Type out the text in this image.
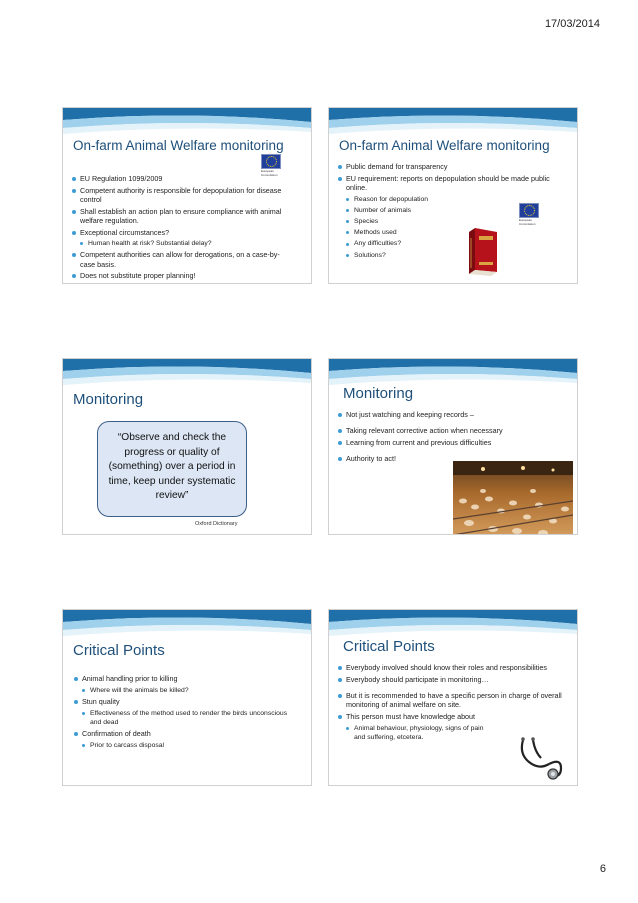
17/03/2014
On-farm Animal Welfare monitoring
European
Commission
EU Regulation 1099/2009
Competent authority is responsible for depopulation for disease control
Shall establish an action plan to ensure compliance with animal welfare regulation.
Exceptional circumstances?
Human health at risk? Substantial delay?
Competent authorities can allow for derogations, on a case-by-case basis.
Does not substitute proper planning!
On-farm Animal Welfare monitoring
Public demand for transparency
EU requirement: reports on depopulation should be made public online.
Reason for depopulation
Number of animals
Species
Methods used
Any difficulties?
Solutions?
European
Commission
Monitoring
“Observe and check the progress or quality of (something) over a period in time, keep under systematic review”
Oxford Dictionary
Monitoring
Not just watching and keeping records –
Taking relevant corrective action when necessary
Learning from current and previous difficulties
Authority to act!
Critical Points
Animal handling prior to killing
Where will the animals be killed?
Stun quality
Effectiveness of the method used to render the birds unconscious and dead
Confirmation of death
Prior to carcass disposal
Critical Points
Everybody involved should know their roles and responsibilities
Everybody should participate in monitoring…
But it is recommended to have a specific person in charge of overall monitoring of animal welfare on site.
This person must have knowledge about
Animal behaviour, physiology, signs of pain and suffering, etcetera.
6
